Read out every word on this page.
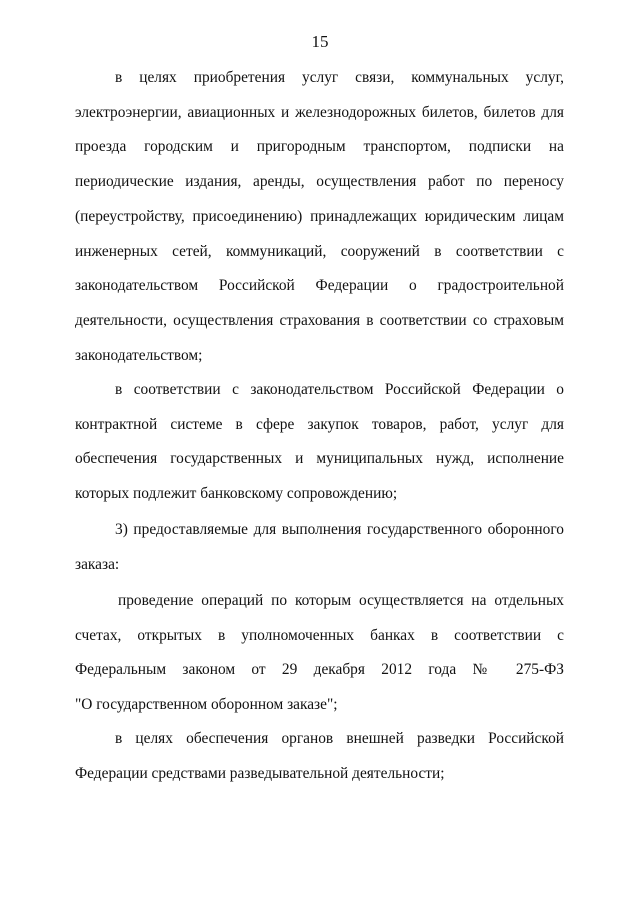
15
в целях приобретения услуг связи, коммунальных услуг,
электроэнергии, авиационных и железнодорожных билетов, билетов для
проезда городским и пригородным транспортом, подписки на
периодические издания, аренды, осуществления работ по переносу
(переустройству, присоединению) принадлежащих юридическим лицам
инженерных сетей, коммуникаций, сооружений в соответствии с
законодательством Российской Федерации о градостроительной
деятельности, осуществления страхования в соответствии со страховым
законодательством;
в соответствии с законодательством Российской Федерации о
контрактной системе в сфере закупок товаров, работ, услуг для
обеспечения государственных и муниципальных нужд, исполнение
которых подлежит банковскому сопровождению;
3) предоставляемые для выполнения государственного оборонного
заказа:
проведение операций по которым осуществляется на отдельных
счетах, открытых в уполномоченных банках в соответствии с
Федеральным законом от 29 декабря 2012 года № 275-ФЗ
"О государственном оборонном заказе";
в целях обеспечения органов внешней разведки Российской
Федерации средствами разведывательной деятельности;
